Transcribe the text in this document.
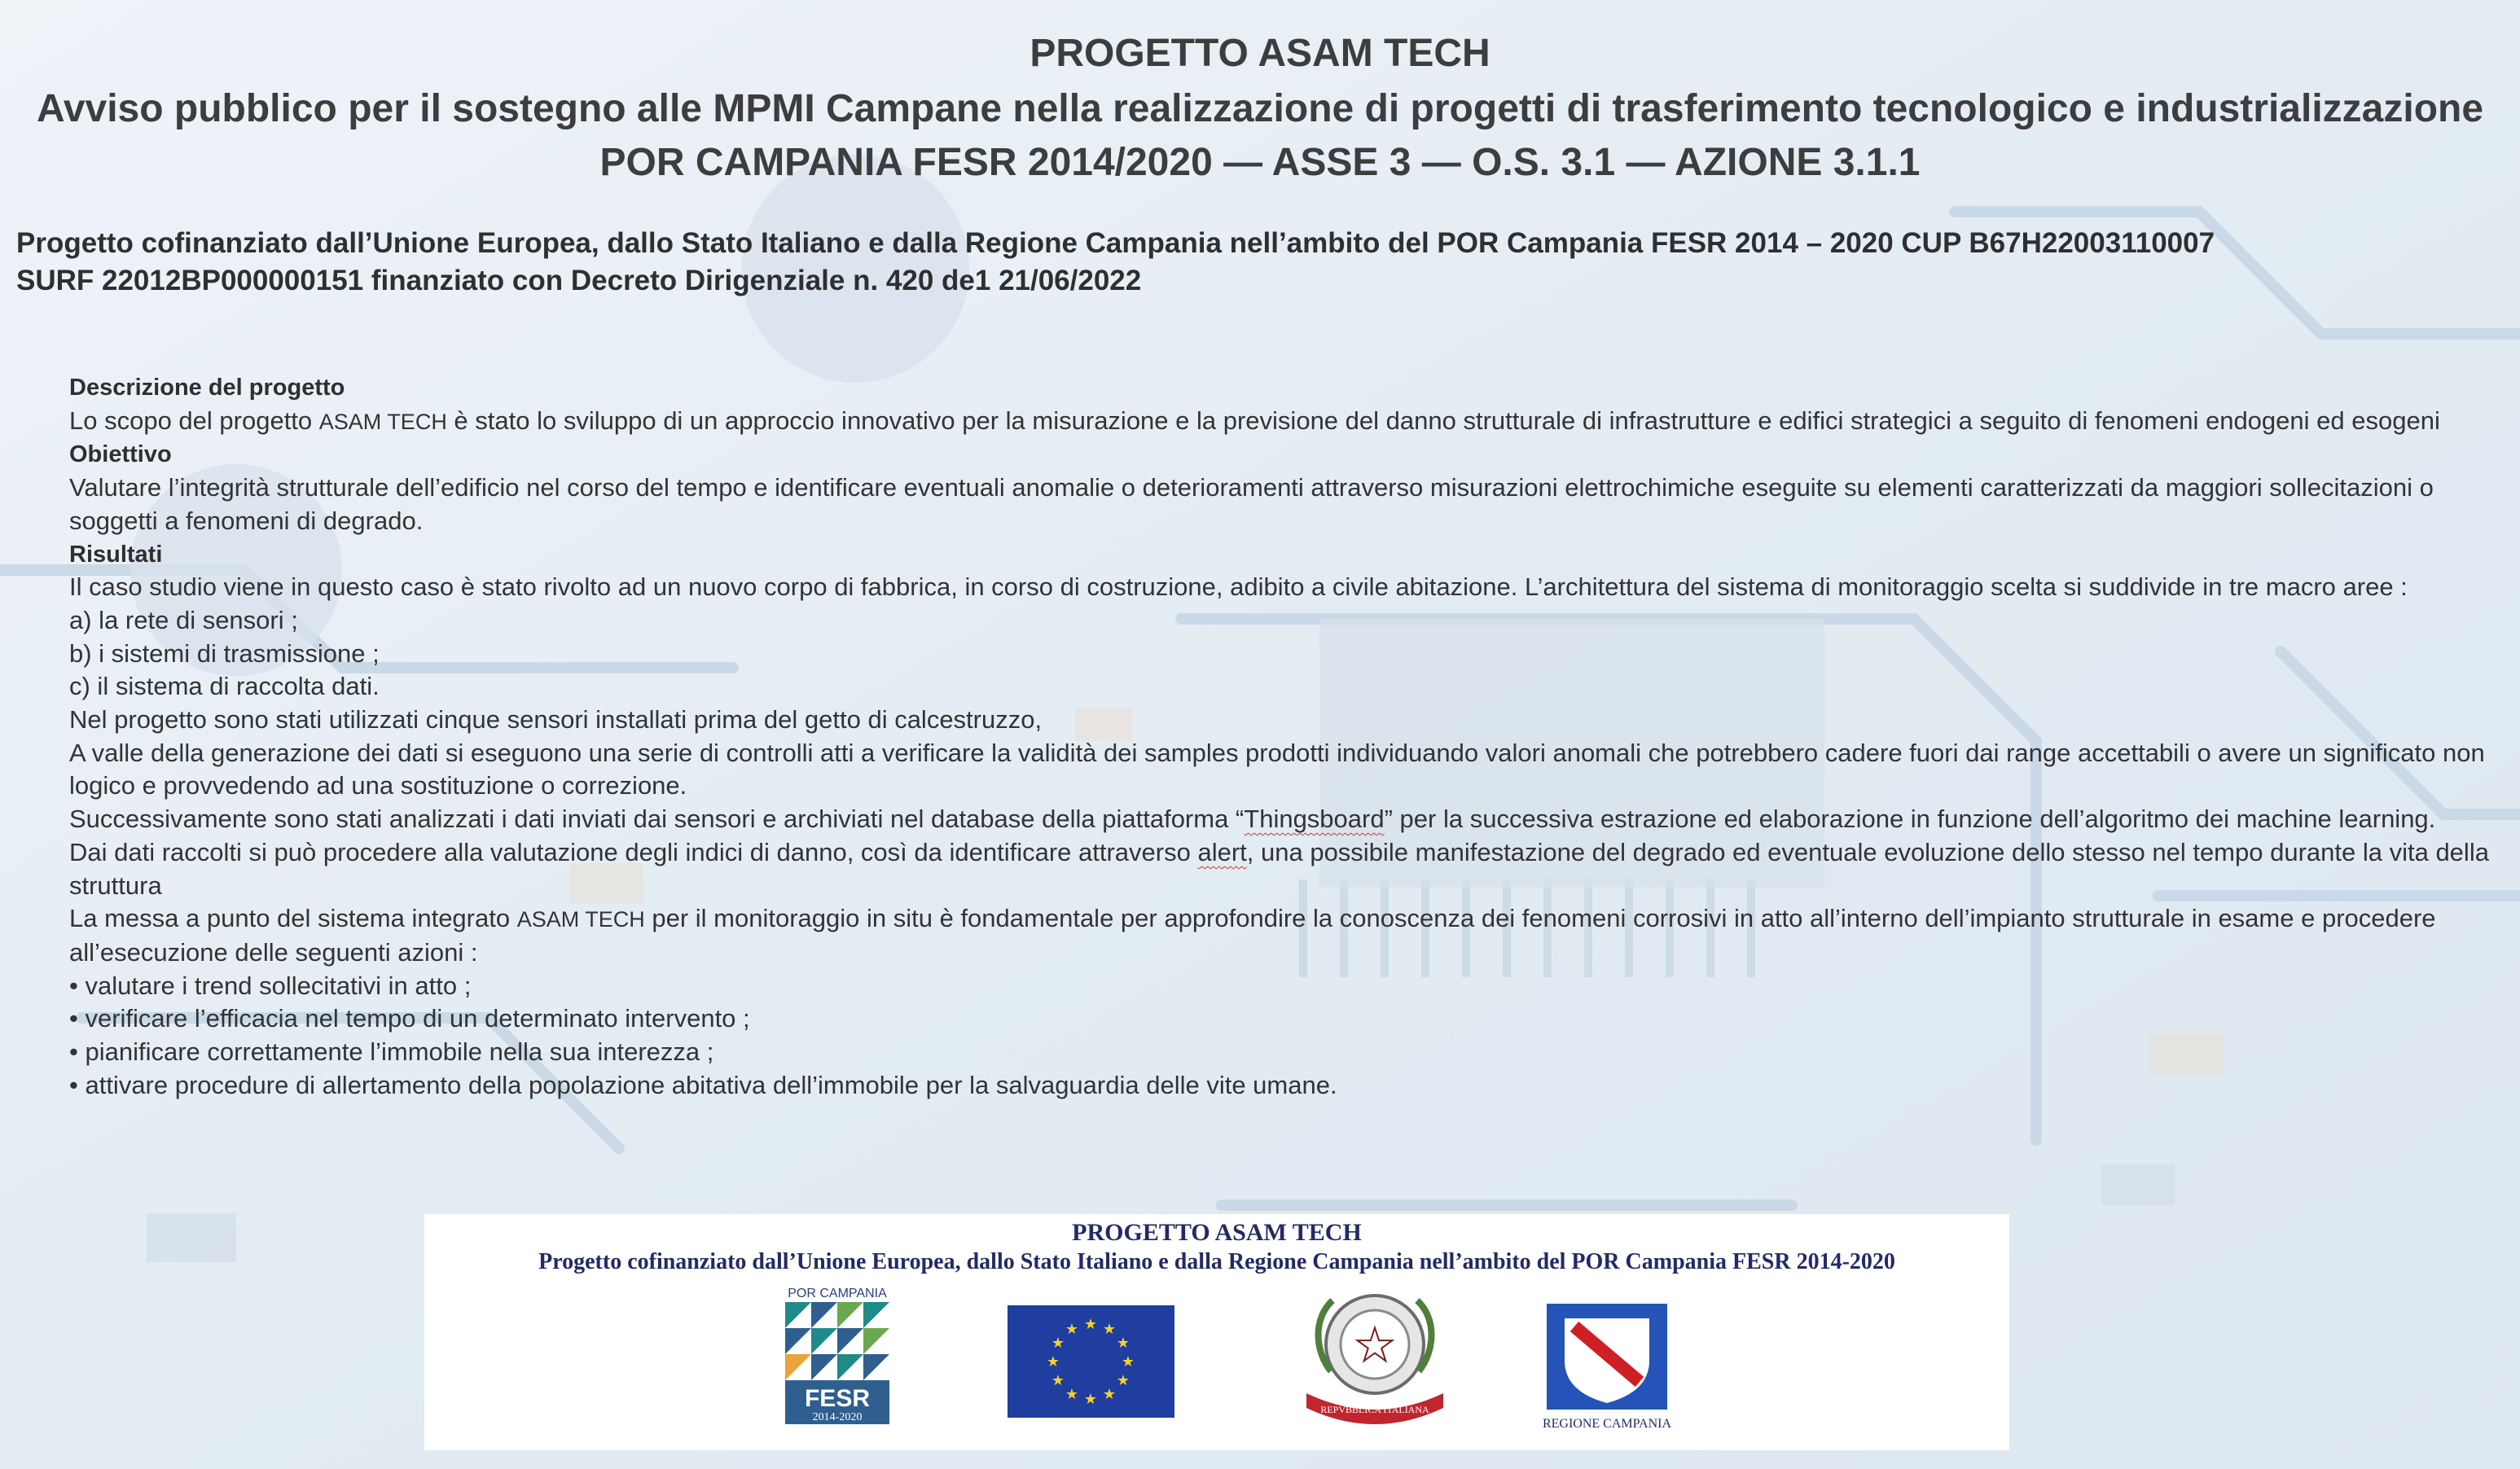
PROGETTO ASAM TECH
Avviso pubblico per il sostegno alle MPMI Campane nella realizzazione di progetti di trasferimento tecnologico e industrializzazione
POR CAMPANIA FESR 2014/2020 — ASSE 3 — O.S. 3.1 — AZIONE 3.1.1
Progetto cofinanziato dall’Unione Europea, dallo Stato Italiano e dalla Regione Campania nell’ambito del POR Campania FESR 2014 – 2020 CUP B67H22003110007
SURF 22012BP000000151 finanziato con Decreto Dirigenziale n. 420 de1 21/06/2022
Descrizione del progetto
Lo scopo del progetto ASAM TECH è stato lo sviluppo di un approccio innovativo per la misurazione e la previsione del danno strutturale di infrastrutture e edifici strategici a seguito di fenomeni endogeni ed esogeni
Obiettivo
Valutare l’integrità strutturale dell’edificio nel corso del tempo e identificare eventuali anomalie o deterioramenti attraverso misurazioni elettrochimiche eseguite su elementi caratterizzati da maggiori sollecitazioni o soggetti a fenomeni di degrado.
Risultati
Il caso studio viene in questo caso è stato rivolto ad un nuovo corpo di fabbrica, in corso di costruzione, adibito a civile abitazione. L’architettura del sistema di monitoraggio scelta si suddivide in tre macro aree :
a) la rete di sensori ;
b) i sistemi di trasmissione ;
c) il sistema di raccolta dati.
Nel progetto sono stati utilizzati cinque sensori installati prima del getto di calcestruzzo,
A valle della generazione dei dati si eseguono una serie di controlli atti a verificare la validità dei samples prodotti individuando valori anomali che potrebbero cadere fuori dai range accettabili o avere un significato non logico e provvedendo ad una sostituzione o correzione.
Successivamente sono stati analizzati i dati inviati dai sensori e archiviati nel database della piattaforma “Thingsboard” per la successiva estrazione ed elaborazione in funzione dell’algoritmo dei machine learning.
Dai dati raccolti si può procedere alla valutazione degli indici di danno, così da identificare attraverso alert, una possibile manifestazione del degrado ed eventuale evoluzione dello stesso nel tempo durante la vita della struttura
La messa a punto del sistema integrato ASAM TECH per il monitoraggio in situ è fondamentale per approfondire la conoscenza dei fenomeni corrosivi in atto all’interno dell’impianto strutturale in esame e procedere all’esecuzione delle seguenti azioni :
• valutare i trend sollecitativi in atto ;
• verificare l’efficacia nel tempo di un determinato intervento ;
• pianificare correttamente l’immobile nella sua interezza ;
• attivare procedure di allertamento della popolazione abitativa dell’immobile per la salvaguardia delle vite umane.
PROGETTO ASAM TECH
Progetto cofinanziato dall’Unione Europea, dallo Stato Italiano e dalla Regione Campania nell’ambito del POR Campania FESR 2014-2020
POR CAMPANIA
FESR
2014-2020
★ ★
★
★
★
★
★
★
★
★
★
★	★
REPVBBLICA ITALIANA
REGIONE CAMPANIA
